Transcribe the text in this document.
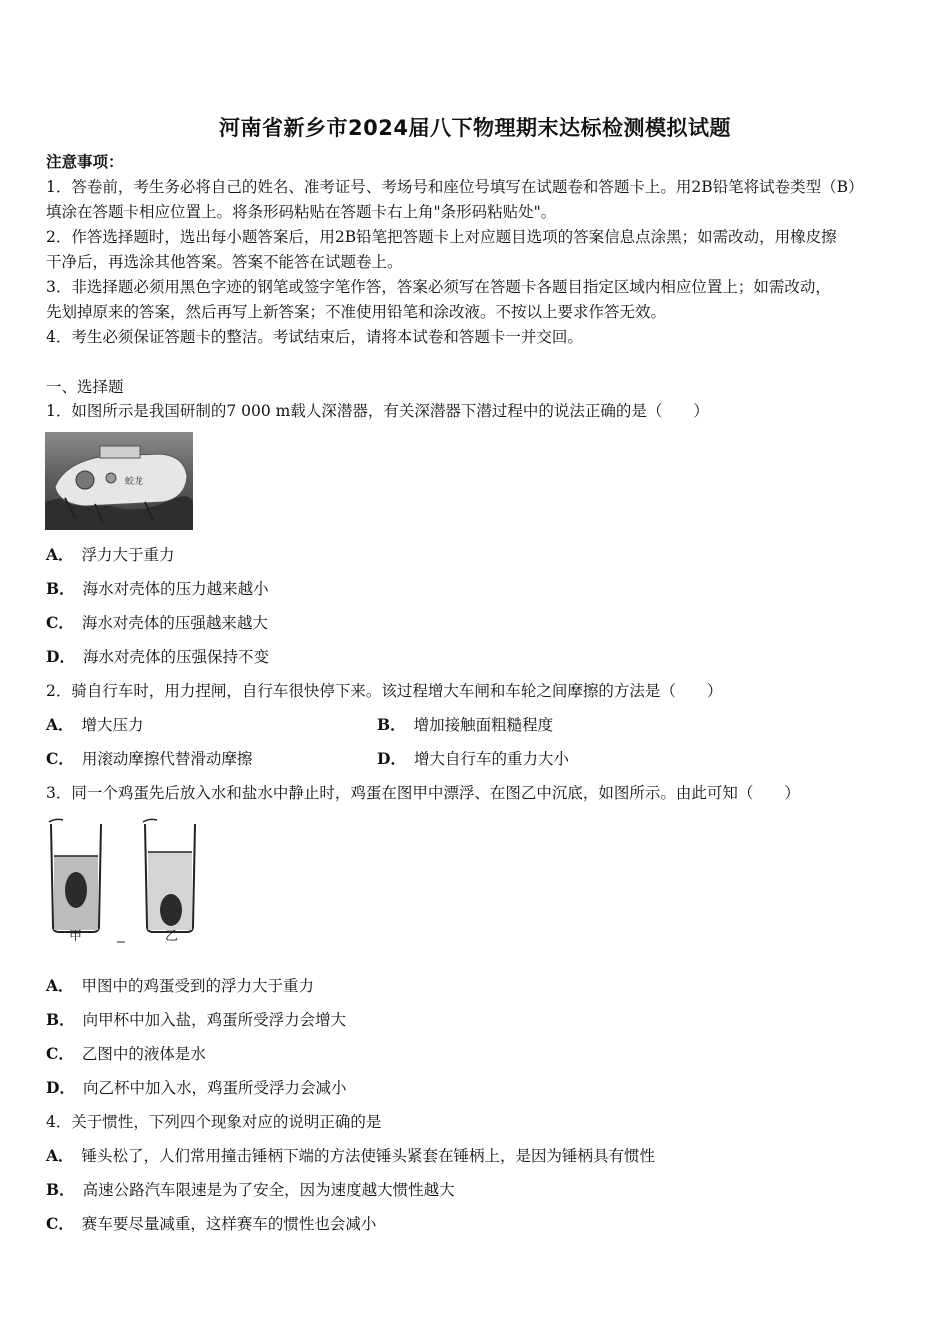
河南省新乡市2024届八下物理期末达标检测模拟试题
注意事项：
1．答卷前，考生务必将自己的姓名、准考证号、考场号和座位号填写在试题卷和答题卡上。用2B铅笔将试卷类型（B）
填涂在答题卡相应位置上。将条形码粘贴在答题卡右上角"条形码粘贴处"。
2．作答选择题时，选出每小题答案后，用2B铅笔把答题卡上对应题目选项的答案信息点涂黑；如需改动，用橡皮擦
干净后，再选涂其他答案。答案不能答在试题卷上。
3．非选择题必须用黑色字迹的钢笔或签字笔作答，答案必须写在答题卡各题目指定区域内相应位置上；如需改动，
先划掉原来的答案，然后再写上新答案；不准使用铅笔和涂改液。不按以上要求作答无效。
4．考生必须保证答题卡的整洁。考试结束后，请将本试卷和答题卡一并交回。
一、选择题
1．如图所示是我国研制的7 000 m载人深潜器，有关深潜器下潜过程中的说法正确的是（　　）
蛟龙
A． 浮力大于重力
B． 海水对壳体的压力越来越小
C． 海水对壳体的压强越来越大
D． 海水对壳体的压强保持不变
2．骑自行车时，用力捏闸，自行车很快停下来。该过程增大车闸和车轮之间摩擦的方法是（　　）
A． 增大压力	B． 增加接触面粗糙程度
C． 用滚动摩擦代替滑动摩擦	D． 增大自行车的重力大小
3．同一个鸡蛋先后放入水和盐水中静止时，鸡蛋在图甲中漂浮、在图乙中沉底，如图所示。由此可知（　　）
甲	乙
A． 甲图中的鸡蛋受到的浮力大于重力
B． 向甲杯中加入盐，鸡蛋所受浮力会增大
C． 乙图中的液体是水
D． 向乙杯中加入水，鸡蛋所受浮力会减小
4．关于惯性，下列四个现象对应的说明正确的是
A． 锤头松了，人们常用撞击锤柄下端的方法使锤头紧套在锤柄上，是因为锤柄具有惯性
B． 高速公路汽车限速是为了安全，因为速度越大惯性越大
C． 赛车要尽量减重，这样赛车的惯性也会减小
